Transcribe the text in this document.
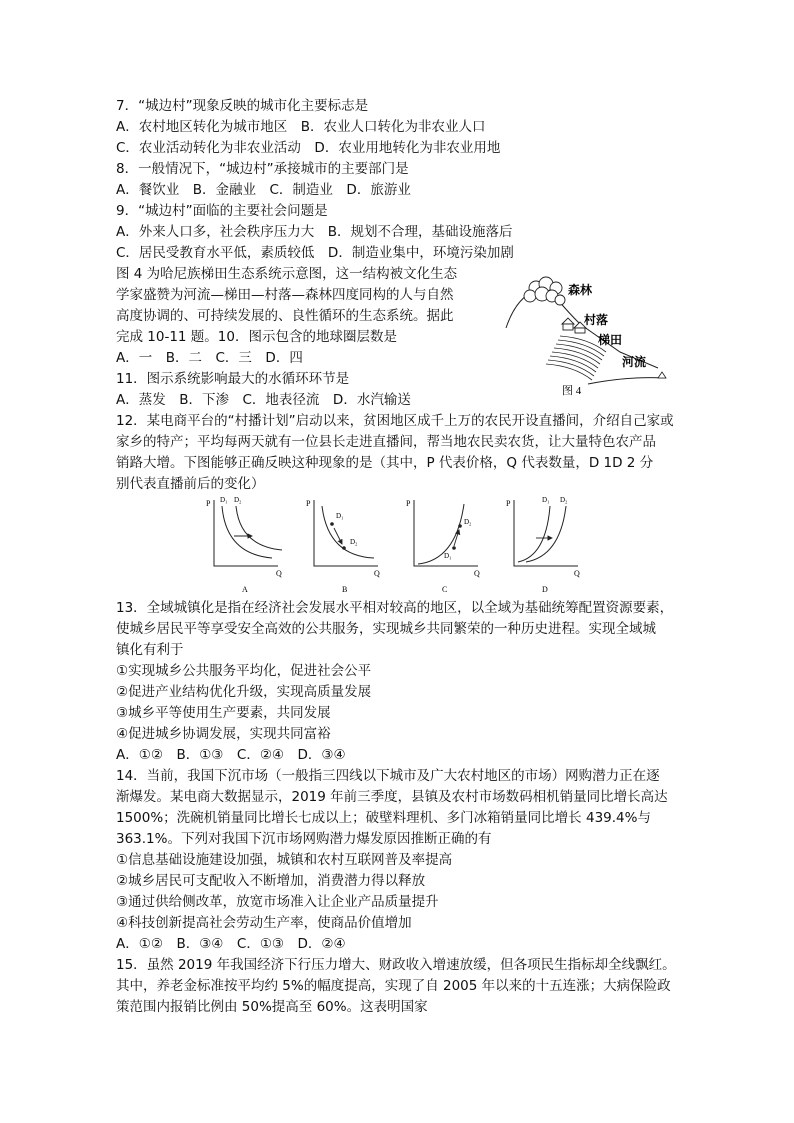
7．“城边村”现象反映的城市化主要标志是
A．农村地区转化为城市地区　B．农业人口转化为非农业人口
C．农业活动转化为非农业活动　D．农业用地转化为非农业用地
8．一般情况下，“城边村”承接城市的主要部门是
A．餐饮业　B．金融业　C．制造业　D．旅游业
9．“城边村”面临的主要社会问题是
A．外来人口多，社会秩序压力大　B．规划不合理，基础设施落后
C．居民受教育水平低，素质较低　D．制造业集中，环境污染加剧
图 4 为哈尼族梯田生态系统示意图，这一结构被文化生态
学家盛赞为河流—梯田—村落—森林四度同构的人与自然
高度协调的、可持续发展的、良性循环的生态系统。据此
完成 10-11 题。10．图示包含的地球圈层数是
A．一　B．二　C．三　D．四
11．图示系统影响最大的水循环环节是
A．蒸发　B．下渗　C．地表径流　D．水汽输送
森林
村落
梯田
河流
图 4
12．某电商平台的“村播计划”启动以来，贫困地区成千上万的农民开设直播间，介绍自己家或
家乡的特产；平均每两天就有一位县长走进直播间，帮当地农民卖农货，让大量特色农产品
销路大增。下图能够正确反映这种现象的是（其中，P 代表价格，Q 代表数量，D 1D 2 分
别代表直播前后的变化）
P
Q
D₁ D₂
A
P
Q
D₁
D₂
B
P
Q
D₁
D₂
C
P
Q
D₁ D₂
D
13．全域城镇化是指在经济社会发展水平相对较高的地区，以全域为基础统筹配置资源要素，
使城乡居民平等享受安全高效的公共服务，实现城乡共同繁荣的一种历史进程。实现全域城
镇化有利于
①实现城乡公共服务平均化，促进社会公平
②促进产业结构优化升级，实现高质量发展
③城乡平等使用生产要素，共同发展
④促进城乡协调发展，实现共同富裕
A．①②　B．①③　C．②④　D．③④
14．当前，我国下沉市场（一般指三四线以下城市及广大农村地区的市场）网购潜力正在逐
渐爆发。某电商大数据显示，2019 年前三季度，县镇及农村市场数码相机销量同比增长高达
1500%；洗碗机销量同比增长七成以上；破壁料理机、多门冰箱销量同比增长 439.4%与
363.1%。下列对我国下沉市场网购潜力爆发原因推断正确的有
①信息基础设施建设加强，城镇和农村互联网普及率提高
②城乡居民可支配收入不断增加，消费潜力得以释放
③通过供给侧改革，放宽市场准入让企业产品质量提升
④科技创新提高社会劳动生产率，使商品价值增加
A．①②　B．③④　C．①③　D．②④
15．虽然 2019 年我国经济下行压力增大、财政收入增速放缓，但各项民生指标却全线飘红。
其中，养老金标准按平均约 5%的幅度提高，实现了自 2005 年以来的十五连涨；大病保险政
策范围内报销比例由 50%提高至 60%。这表明国家
